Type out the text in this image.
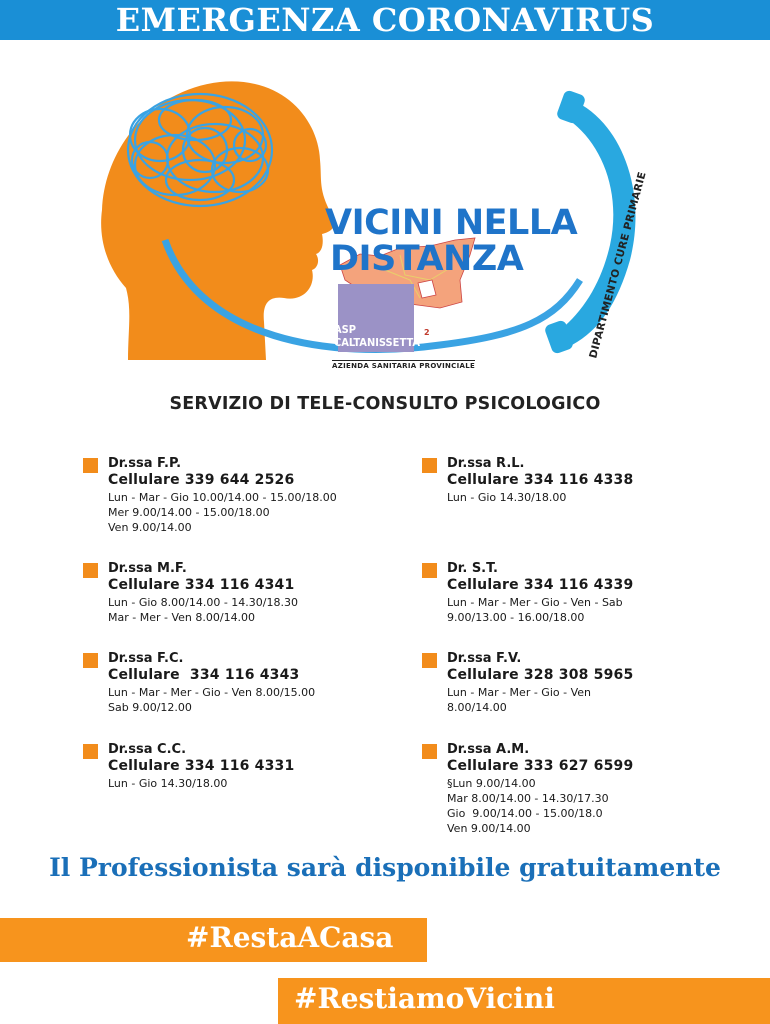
EMERGENZA CORONAVIRUS
VICINI NELLA
DISTANZA
ASP
CALTANISSETTA
2
AZIENDA SANITARIA PROVINCIALE
DIPARTIMENTO CURE PRIMARIE
SERVIZIO DI TELE-CONSULTO PSICOLOGICO
Dr.ssa F.P.
Cellulare 339 644 2526
Lun - Mar - Gio 10.00/14.00 - 15.00/18.00
Mer 9.00/14.00 - 15.00/18.00
Ven 9.00/14.00
Dr.ssa R.L.
Cellulare 334 116 4338
Lun - Gio 14.30/18.00
Dr.ssa M.F.
Cellulare 334 116 4341
Lun - Gio 8.00/14.00 - 14.30/18.30
Mar - Mer - Ven 8.00/14.00
Dr. S.T.
Cellulare 334 116 4339
Lun - Mar - Mer - Gio - Ven - Sab
9.00/13.00 - 16.00/18.00
Dr.ssa F.C.
Cellulare  334 116 4343
Lun - Mar - Mer - Gio - Ven 8.00/15.00
Sab 9.00/12.00
Dr.ssa F.V.
Cellulare 328 308 5965
Lun - Mar - Mer - Gio - Ven
8.00/14.00
Dr.ssa C.C.
Cellulare 334 116 4331
Lun - Gio 14.30/18.00
Dr.ssa A.M.
Cellulare 333 627 6599
§Lun 9.00/14.00
Mar 8.00/14.00 - 14.30/17.30
Gio  9.00/14.00 - 15.00/18.0
Ven 9.00/14.00
Il Professionista sarà disponibile gratuitamente
#RestaACasa
#RestiamoVicini
